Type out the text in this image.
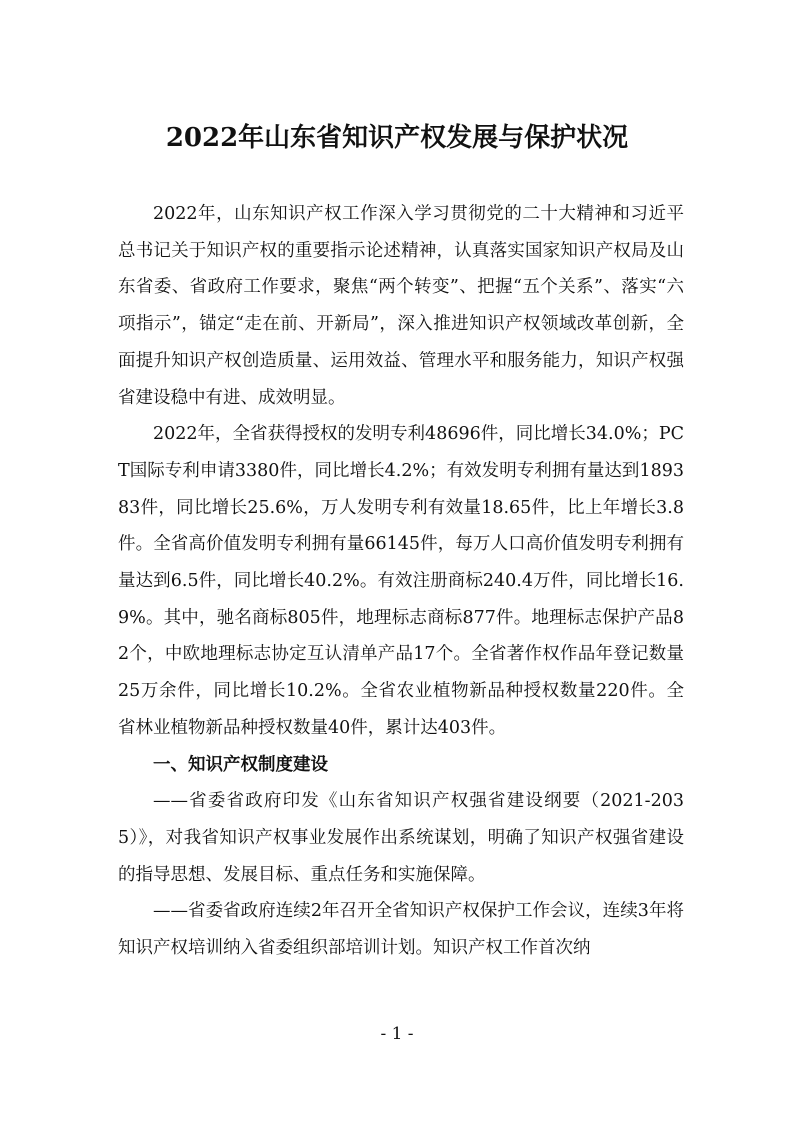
2022年山东省知识产权发展与保护状况

2022年，山东知识产权工作深入学习贯彻党的二十大精神和习近平总书记关于知识产权的重要指示论述精神，认真落实国家知识产权局及山东省委、省政府工作要求，聚焦“两个转变”、把握“五个关系”、落实“六项指示”，锚定“走在前、开新局”，深入推进知识产权领域改革创新，全面提升知识产权创造质量、运用效益、管理水平和服务能力，知识产权强省建设稳中有进、成效明显。

2022年，全省获得授权的发明专利48696件，同比增长34.0%；PCT国际专利申请3380件，同比增长4.2%；有效发明专利拥有量达到189383件，同比增长25.6%，万人发明专利有效量18.65件，比上年增长3.8件。全省高价值发明专利拥有量66145件，每万人口高价值发明专利拥有量达到6.5件，同比增长40.2%。有效注册商标240.4万件，同比增长16.9%。其中，驰名商标805件，地理标志商标877件。地理标志保护产品82个，中欧地理标志协定互认清单产品17个。全省著作权作品年登记数量25万余件，同比增长10.2%。全省农业植物新品种授权数量220件。全省林业植物新品种授权数量40件，累计达403件。

一、知识产权制度建设

——省委省政府印发《山东省知识产权强省建设纲要（2021-2035）》，对我省知识产权事业发展作出系统谋划，明确了知识产权强省建设的指导思想、发展目标、重点任务和实施保障。

——省委省政府连续2年召开全省知识产权保护工作会议，连续3年将知识产权培训纳入省委组织部培训计划。知识产权工作首次纳

- 1 -
